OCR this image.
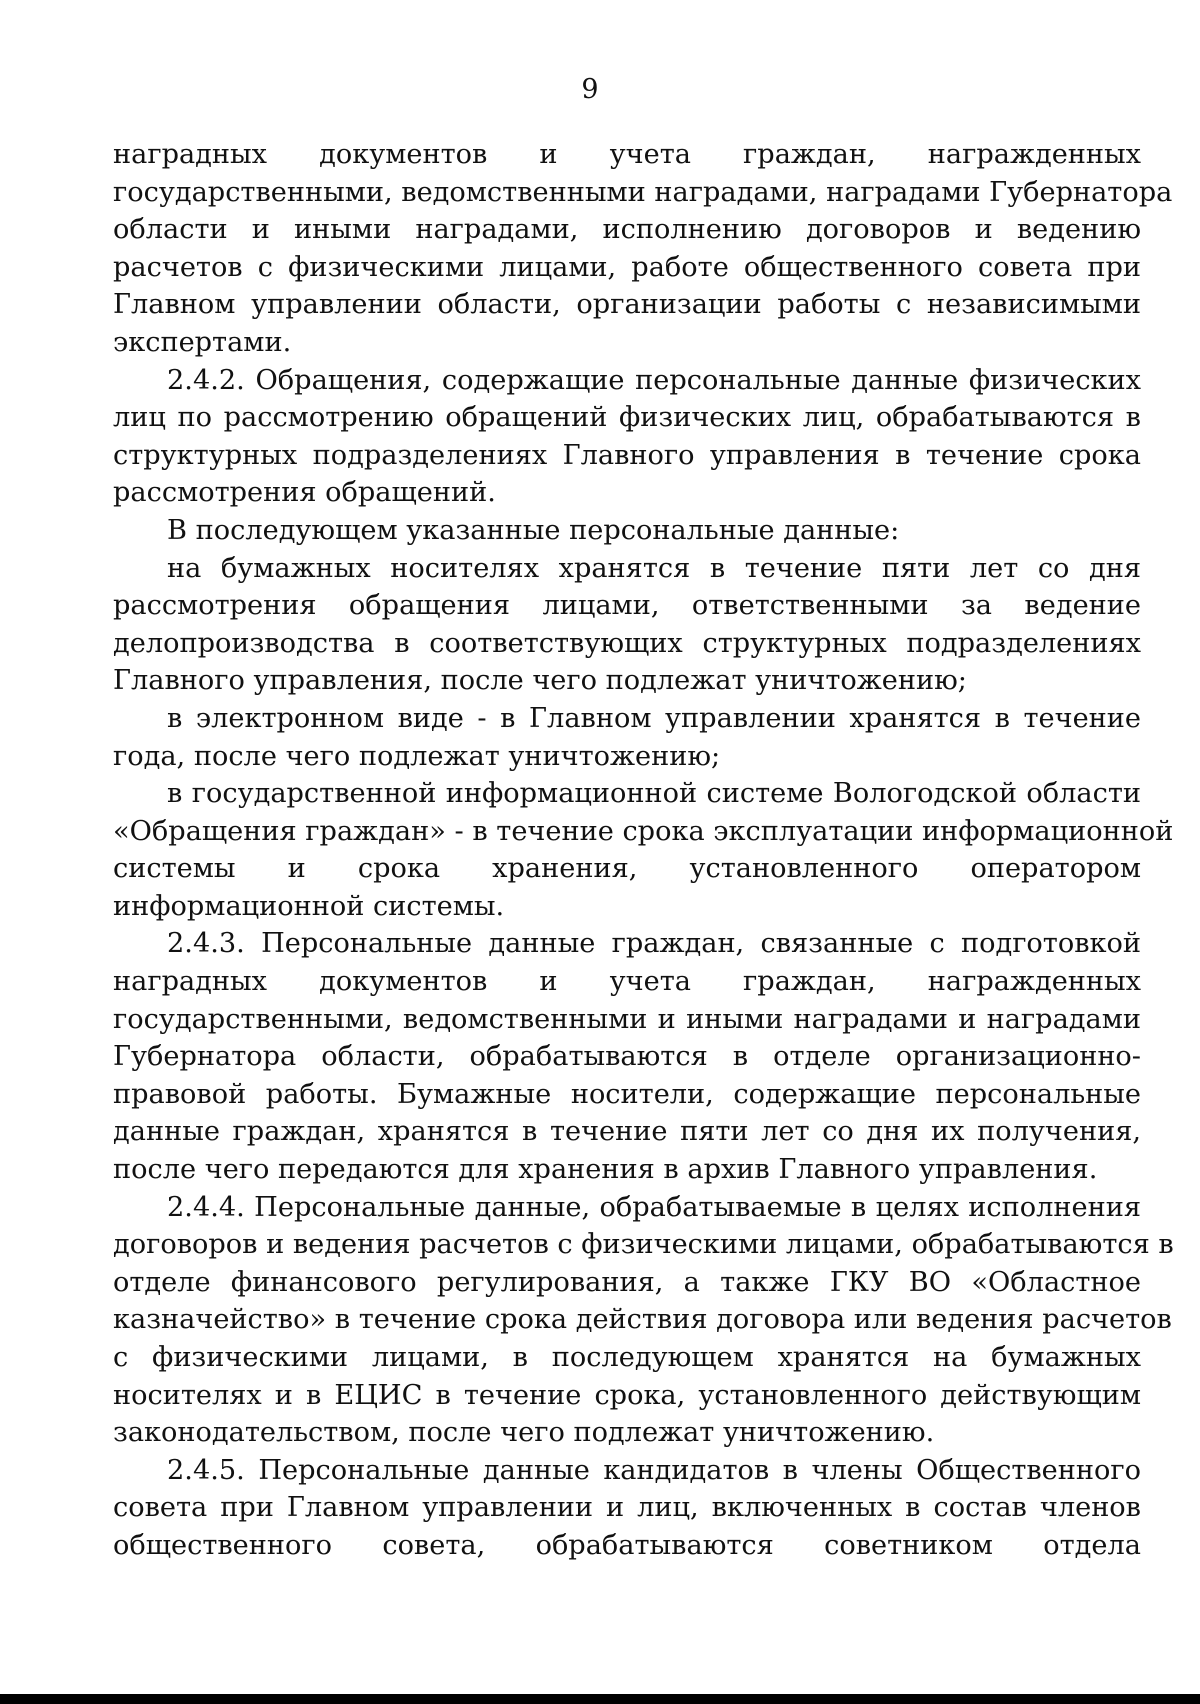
9
наградных документов и учета граждан, награжденных
государственными, ведомственными наградами, наградами Губернатора
области и иными наградами, исполнению договоров и ведению
расчетов с физическими лицами, работе общественного совета при
Главном управлении области, организации работы с независимыми
экспертами.
2.4.2. Обращения, содержащие персональные данные физических
лиц по рассмотрению обращений физических лиц, обрабатываются в
структурных подразделениях Главного управления в течение срока
рассмотрения обращений.
В последующем указанные персональные данные:
на бумажных носителях хранятся в течение пяти лет со дня
рассмотрения обращения лицами, ответственными за ведение
делопроизводства в соответствующих структурных подразделениях
Главного управления, после чего подлежат уничтожению;
в электронном виде - в Главном управлении хранятся в течение
года, после чего подлежат уничтожению;
в государственной информационной системе Вологодской области
«Обращения граждан» - в течение срока эксплуатации информационной
системы и срока хранения, установленного оператором
информационной системы.
2.4.3. Персональные данные граждан, связанные с подготовкой
наградных документов и учета граждан, награжденных
государственными, ведомственными и иными наградами и наградами
Губернатора области, обрабатываются в отделе организационно-
правовой работы. Бумажные носители, содержащие персональные
данные граждан, хранятся в течение пяти лет со дня их получения,
после чего передаются для хранения в архив Главного управления.
2.4.4. Персональные данные, обрабатываемые в целях исполнения
договоров и ведения расчетов с физическими лицами, обрабатываются в
отделе финансового регулирования, а также ГКУ ВО «Областное
казначейство» в течение срока действия договора или ведения расчетов
с физическими лицами, в последующем хранятся на бумажных
носителях и в ЕЦИС в течение срока, установленного действующим
законодательством, после чего подлежат уничтожению.
2.4.5. Персональные данные кандидатов в члены Общественного
совета при Главном управлении и лиц, включенных в состав членов
общественного совета, обрабатываются советником отдела
